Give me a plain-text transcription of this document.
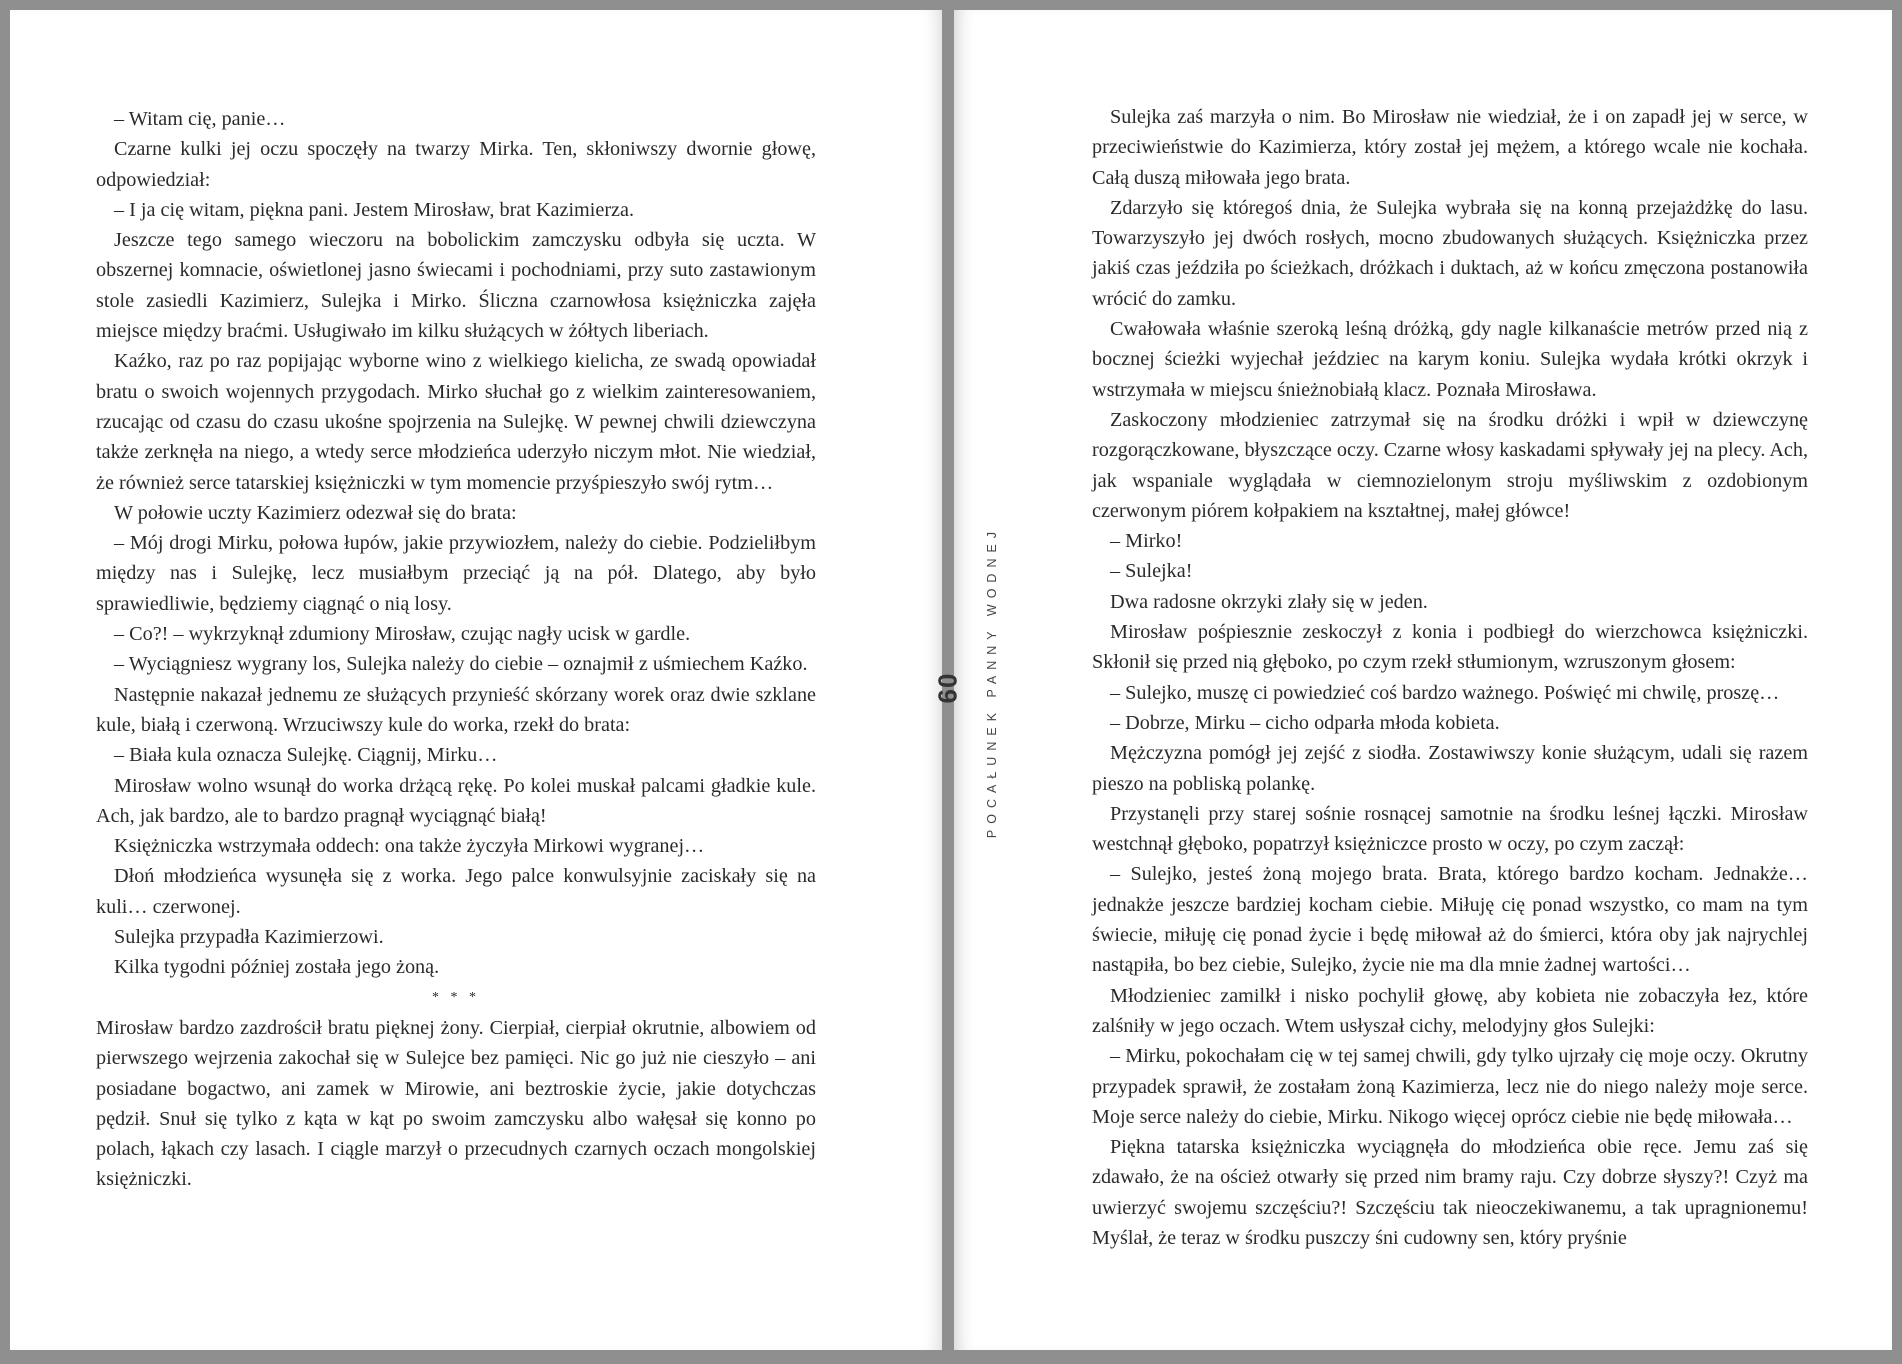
– Witam cię, panie…

Czarne kulki jej oczu spoczęły na twarzy Mirka. Ten, skłoniwszy dwornie głowę, odpowiedział:

– I ja cię witam, piękna pani. Jestem Mirosław, brat Kazimierza.

Jeszcze tego samego wieczoru na bobolickim zamczysku odbyła się uczta. W obszernej komnacie, oświetlonej jasno świecami i pochodniami, przy suto zastawionym stole zasiedli Kazimierz, Sulejka i Mirko. Śliczna czarnowłosa księżniczka zajęła miejsce między braćmi. Usługiwało im kilku służących w żółtych liberiach.

Kaźko, raz po raz popijając wyborne wino z wielkiego kielicha, ze swadą opowiadał bratu o swoich wojennych przygodach. Mirko słuchał go z wielkim zainteresowaniem, rzucając od czasu do czasu ukośne spojrzenia na Sulejkę. W pewnej chwili dziewczyna także zerknęła na niego, a wtedy serce młodzieńca uderzyło niczym młot. Nie wiedział, że również serce tatarskiej księżniczki w tym momencie przyśpieszyło swój rytm…

W połowie uczty Kazimierz odezwał się do brata:

– Mój drogi Mirku, połowa łupów, jakie przywiozłem, należy do ciebie. Podzieliłbym między nas i Sulejkę, lecz musiałbym przeciąć ją na pół. Dlatego, aby było sprawiedliwie, będziemy ciągnąć o nią losy.

– Co?! – wykrzyknął zdumiony Mirosław, czując nagły ucisk w gardle.

– Wyciągniesz wygrany los, Sulejka należy do ciebie – oznajmił z uśmiechem Kaźko.

Następnie nakazał jednemu ze służących przynieść skórzany worek oraz dwie szklane kule, białą i czerwoną. Wrzuciwszy kule do worka, rzekł do brata:

– Biała kula oznacza Sulejkę. Ciągnij, Mirku…

Mirosław wolno wsunął do worka drżącą rękę. Po kolei muskał palcami gładkie kule. Ach, jak bardzo, ale to bardzo pragnął wyciągnąć białą!

Księżniczka wstrzymała oddech: ona także życzyła Mirkowi wygranej…

Dłoń młodzieńca wysunęła się z worka. Jego palce konwulsyjnie zaciskały się na kuli… czerwonej.

Sulejka przypadła Kazimierzowi.

Kilka tygodni później została jego żoną.

* * *

Mirosław bardzo zazdrościł bratu pięknej żony. Cierpiał, cierpiał okrutnie, albowiem od pierwszego wejrzenia zakochał się w Sulejce bez pamięci. Nic go już nie cieszyło – ani posiadane bogactwo, ani zamek w Mirowie, ani beztroskie życie, jakie dotychczas pędził. Snuł się tylko z kąta w kąt po swoim zamczysku albo wałęsał się konno po polach, łąkach czy lasach. I ciągle marzył o przecudnych czarnych oczach mongolskiej księżniczki.

POCAŁUNEK PANNY WODNEJ
60

Sulejka zaś marzyła o nim. Bo Mirosław nie wiedział, że i on zapadł jej w serce, w przeciwieństwie do Kazimierza, który został jej mężem, a którego wcale nie kochała. Całą duszą miłowała jego brata.

Zdarzyło się któregoś dnia, że Sulejka wybrała się na konną przejażdżkę do lasu. Towarzyszyło jej dwóch rosłych, mocno zbudowanych służących. Księżniczka przez jakiś czas jeździła po ścieżkach, dróżkach i duktach, aż w końcu zmęczona postanowiła wrócić do zamku.

Cwałowała właśnie szeroką leśną dróżką, gdy nagle kilkanaście metrów przed nią z bocznej ścieżki wyjechał jeździec na karym koniu. Sulejka wydała krótki okrzyk i wstrzymała w miejscu śnieżnobiałą klacz. Poznała Mirosława.

Zaskoczony młodzieniec zatrzymał się na środku dróżki i wpił w dziewczynę rozgorączkowane, błyszczące oczy. Czarne włosy kaskadami spływały jej na plecy. Ach, jak wspaniale wyglądała w ciemnozielonym stroju myśliwskim z ozdobionym czerwonym piórem kołpakiem na kształtnej, małej główce!

– Mirko!

– Sulejka!

Dwa radosne okrzyki zlały się w jeden.

Mirosław pośpiesznie zeskoczył z konia i podbiegł do wierzchowca księżniczki. Skłonił się przed nią głęboko, po czym rzekł stłumionym, wzruszonym głosem:

– Sulejko, muszę ci powiedzieć coś bardzo ważnego. Poświęć mi chwilę, proszę…

– Dobrze, Mirku – cicho odparła młoda kobieta.

Mężczyzna pomógł jej zejść z siodła. Zostawiwszy konie służącym, udali się razem pieszo na pobliską polankę.

Przystanęli przy starej sośnie rosnącej samotnie na środku leśnej łączki. Mirosław westchnął głęboko, popatrzył księżniczce prosto w oczy, po czym zaczął:

– Sulejko, jesteś żoną mojego brata. Brata, którego bardzo kocham. Jednakże… jednakże jeszcze bardziej kocham ciebie. Miłuję cię ponad wszystko, co mam na tym świecie, miłuję cię ponad życie i będę miłował aż do śmierci, która oby jak najrychlej nastąpiła, bo bez ciebie, Sulejko, życie nie ma dla mnie żadnej wartości…

Młodzieniec zamilkł i nisko pochylił głowę, aby kobieta nie zobaczyła łez, które zalśniły w jego oczach. Wtem usłyszał cichy, melodyjny głos Sulejki:

– Mirku, pokochałam cię w tej samej chwili, gdy tylko ujrzały cię moje oczy. Okrutny przypadek sprawił, że zostałam żoną Kazimierza, lecz nie do niego należy moje serce. Moje serce należy do ciebie, Mirku. Nikogo więcej oprócz ciebie nie będę miłowała…

Piękna tatarska księżniczka wyciągnęła do młodzieńca obie ręce. Jemu zaś się zdawało, że na oścież otwarły się przed nim bramy raju. Czy dobrze słyszy?! Czyż ma uwierzyć swojemu szczęściu?! Szczęściu tak nieoczekiwanemu, a tak upragnionemu! Myślał, że teraz w środku puszczy śni cudowny sen, który pryśnie
